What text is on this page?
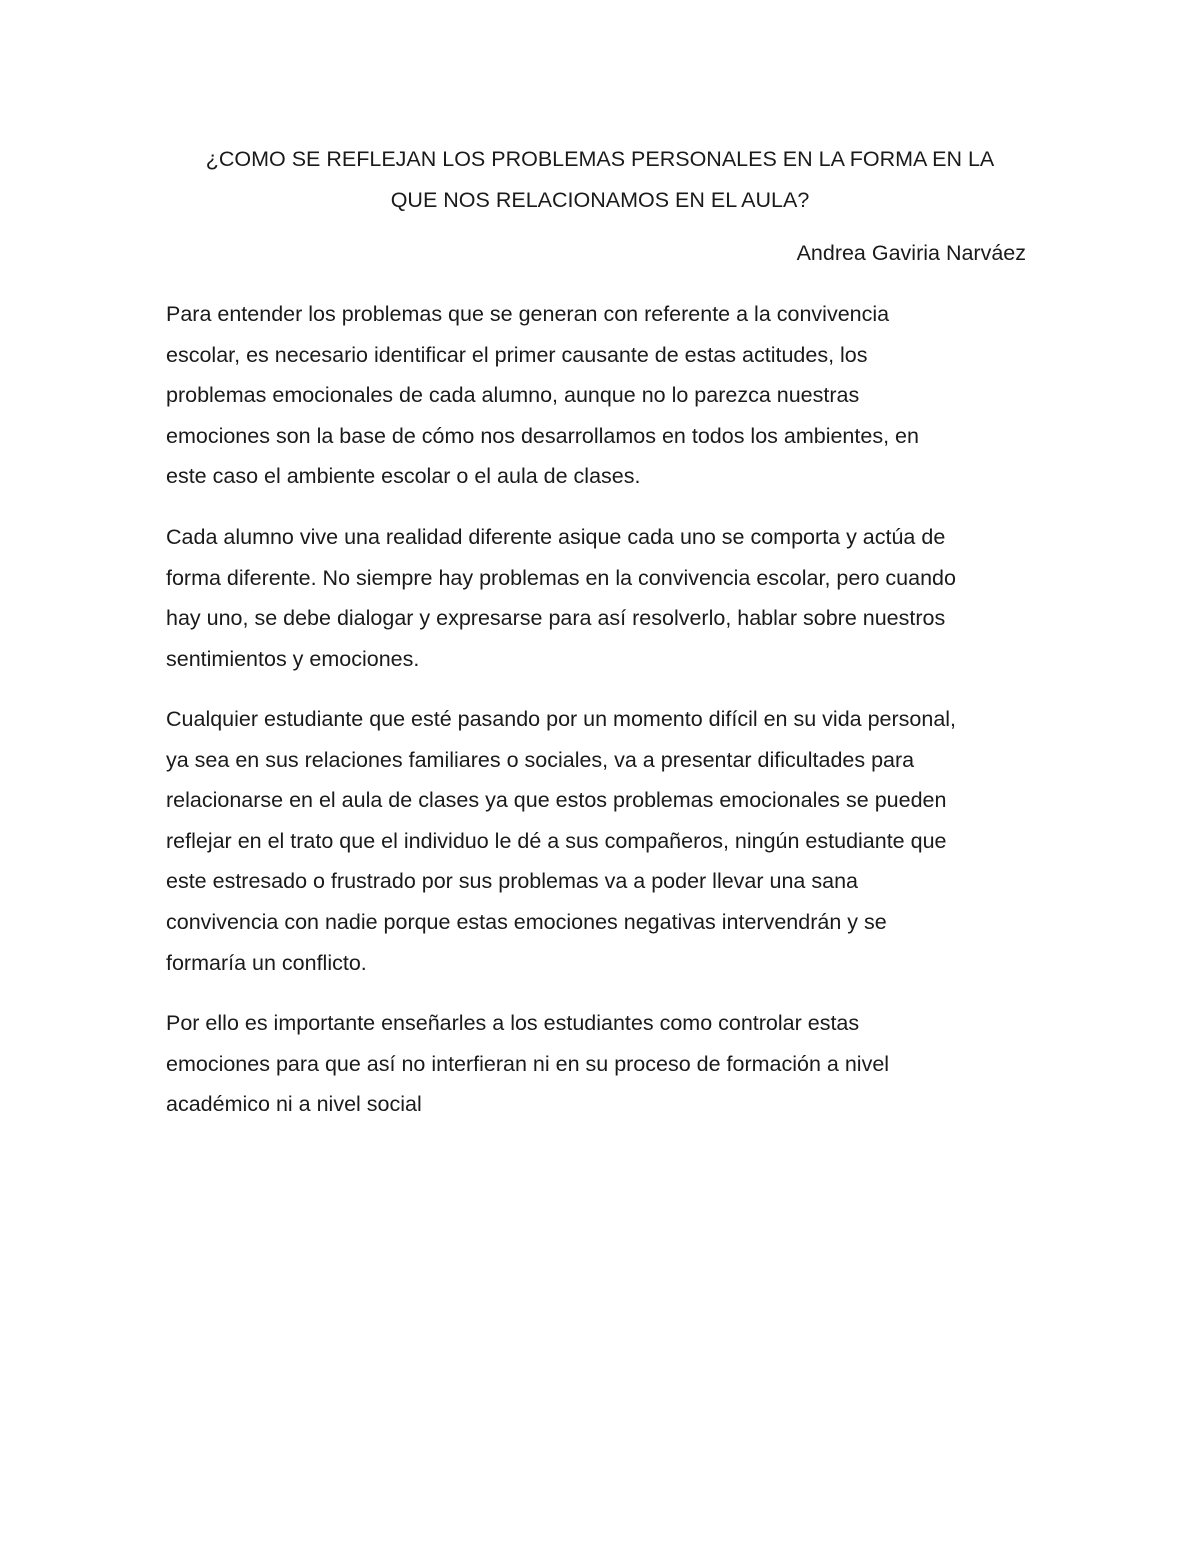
¿COMO SE REFLEJAN LOS PROBLEMAS PERSONALES EN LA FORMA EN LA
QUE NOS RELACIONAMOS EN EL AULA?

Andrea Gaviria Narváez

Para entender los problemas que se generan con referente a la convivencia
escolar, es necesario identificar el primer causante de estas actitudes, los
problemas emocionales de cada alumno, aunque no lo parezca nuestras
emociones son la base de cómo nos desarrollamos en todos los ambientes, en
este caso el ambiente escolar o el aula de clases.

Cada alumno vive una realidad diferente asique cada uno se comporta y actúa de
forma diferente. No siempre hay problemas en la convivencia escolar, pero cuando
hay uno, se debe dialogar y expresarse para así resolverlo, hablar sobre nuestros
sentimientos y emociones.

Cualquier estudiante que esté pasando por un momento difícil en su vida personal,
ya sea en sus relaciones familiares o sociales, va a presentar dificultades para
relacionarse en el aula de clases ya que estos problemas emocionales se pueden
reflejar en el trato que el individuo le dé a sus compañeros, ningún estudiante que
este estresado o frustrado por sus problemas va a poder llevar una sana
convivencia con nadie porque estas emociones negativas intervendrán y se
formaría un conflicto.

Por ello es importante enseñarles a los estudiantes como controlar estas
emociones para que así no interfieran ni en su proceso de formación a nivel
académico ni a nivel social
